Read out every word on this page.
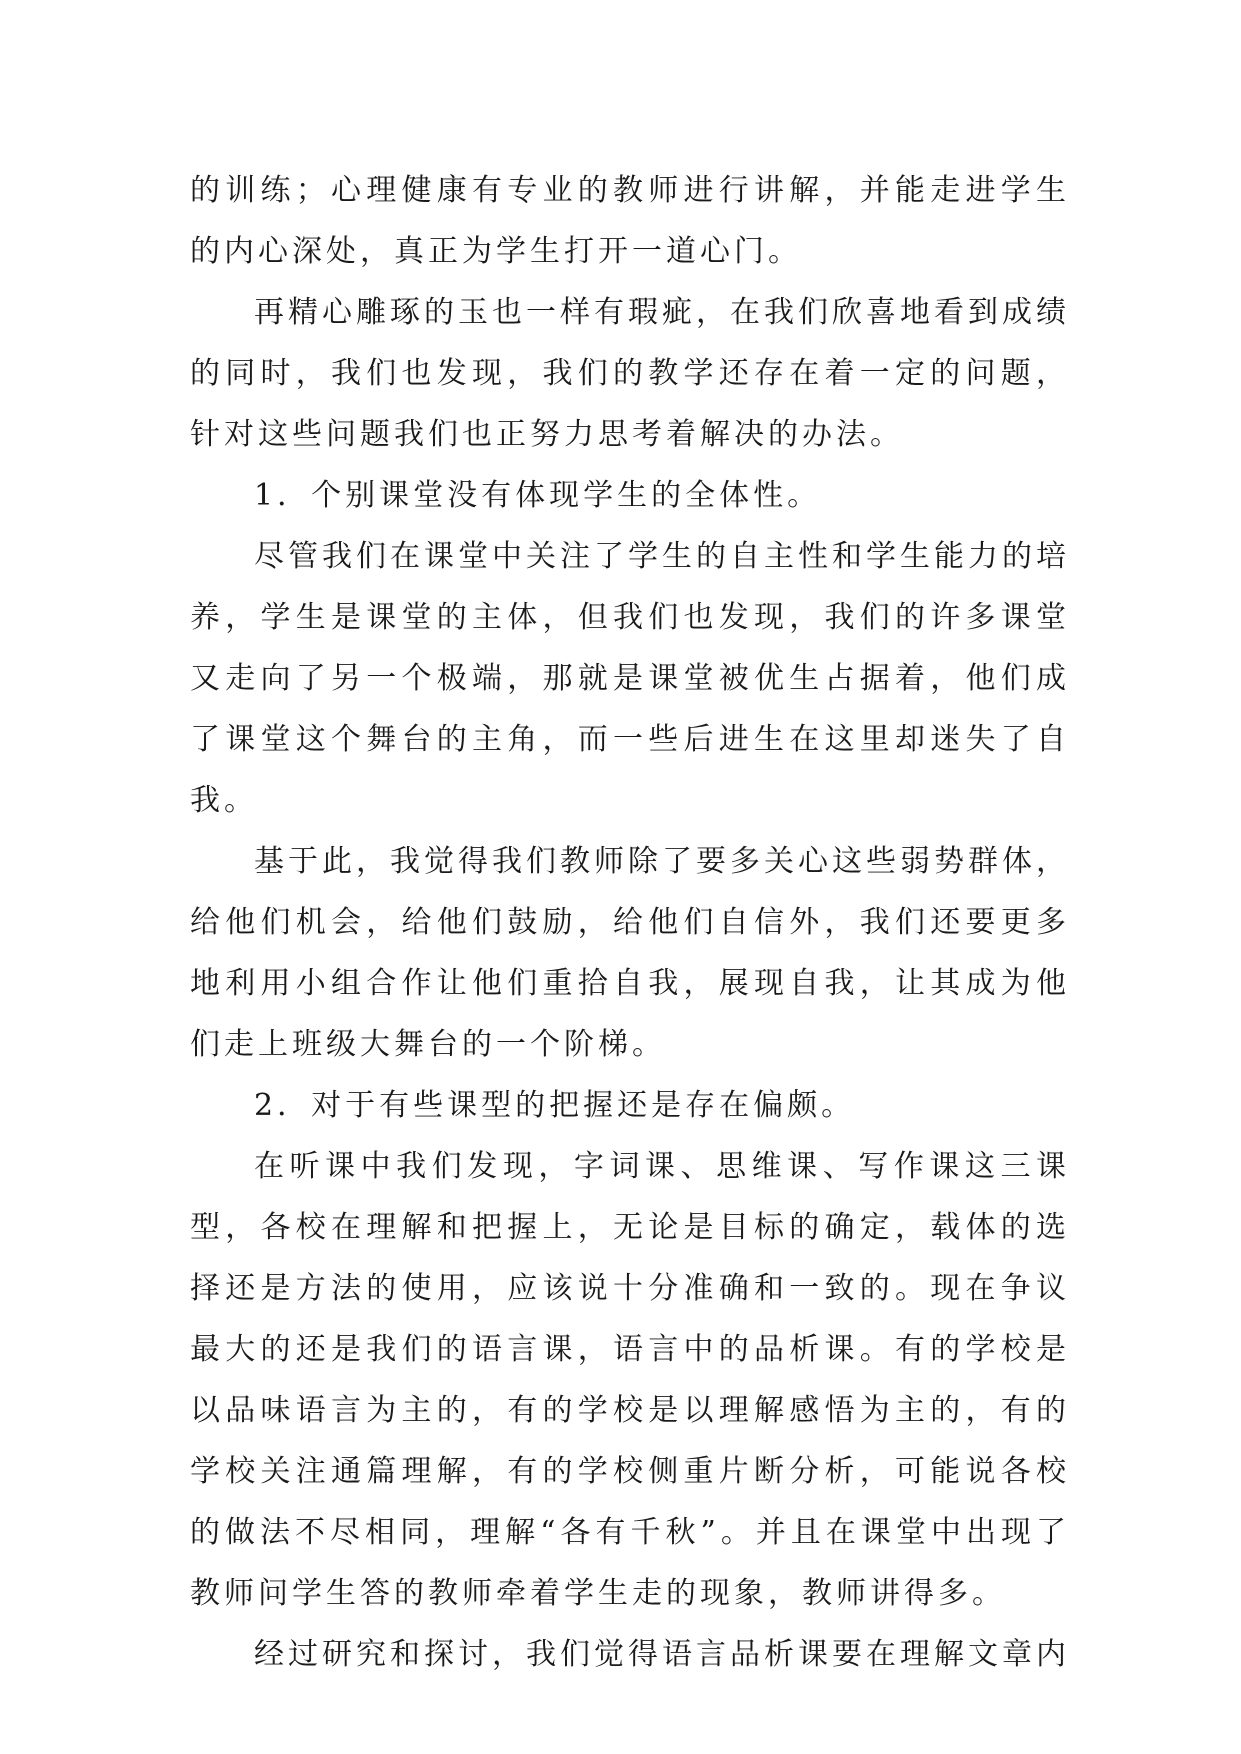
的训练；心理健康有专业的教师进行讲解，并能走进学生的内心深处，真正为学生打开一道心门。

再精心雕琢的玉也一样有瑕疵，在我们欣喜地看到成绩的同时，我们也发现，我们的教学还存在着一定的问题，针对这些问题我们也正努力思考着解决的办法。

1．个别课堂没有体现学生的全体性。

尽管我们在课堂中关注了学生的自主性和学生能力的培养，学生是课堂的主体，但我们也发现，我们的许多课堂又走向了另一个极端，那就是课堂被优生占据着，他们成了课堂这个舞台的主角，而一些后进生在这里却迷失了自我。

基于此，我觉得我们教师除了要多关心这些弱势群体，给他们机会，给他们鼓励，给他们自信外，我们还要更多地利用小组合作让他们重拾自我，展现自我，让其成为他们走上班级大舞台的一个阶梯。

2．对于有些课型的把握还是存在偏颇。

在听课中我们发现，字词课、思维课、写作课这三课型，各校在理解和把握上，无论是目标的确定，载体的选择还是方法的使用，应该说十分准确和一致的。现在争议最大的还是我们的语言课，语言中的品析课。有的学校是以品味语言为主的，有的学校是以理解感悟为主的，有的学校关注通篇理解，有的学校侧重片断分析，可能说各校的做法不尽相同，理解“各有千秋”。并且在课堂中出现了教师问学生答的教师牵着学生走的现象，教师讲得多。

经过研究和探讨，我们觉得语言品析课要在理解文章内
